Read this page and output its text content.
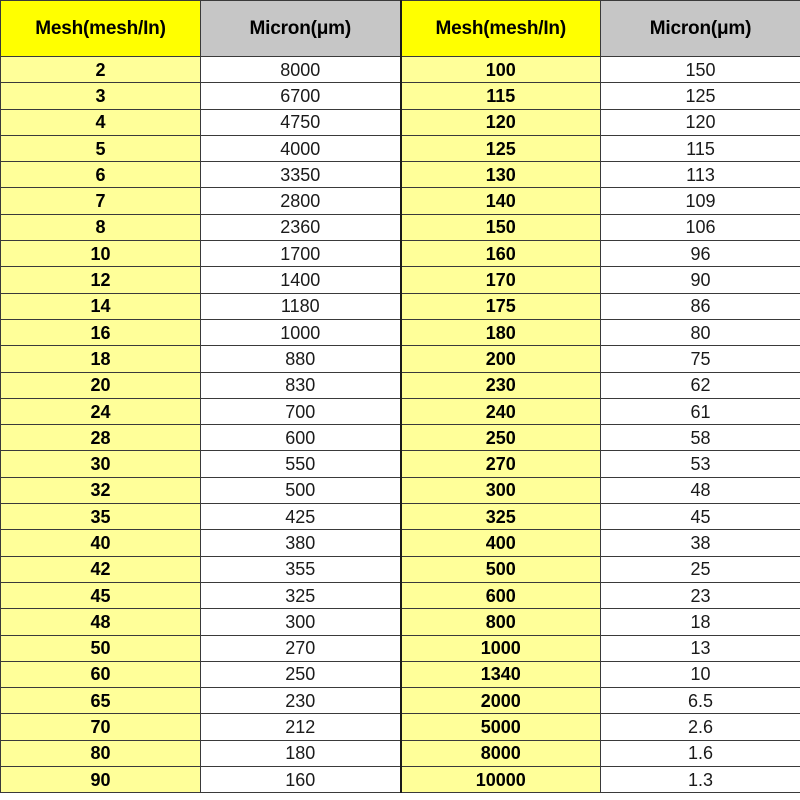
Mesh(mesh/In)	Micron(μm)	Mesh(mesh/In)	Micron(μm)
2	8000	100	150
3	6700	115	125
4	4750	120	120
5	4000	125	115
6	3350	130	113
7	2800	140	109
8	2360	150	106
10	1700	160	96
12	1400	170	90
14	1180	175	86
16	1000	180	80
18	880	200	75
20	830	230	62
24	700	240	61
28	600	250	58
30	550	270	53
32	500	300	48
35	425	325	45
40	380	400	38
42	355	500	25
45	325	600	23
48	300	800	18
50	270	1000	13
60	250	1340	10
65	230	2000	6.5
70	212	5000	2.6
80	180	8000	1.6
90	160	10000	1.3
